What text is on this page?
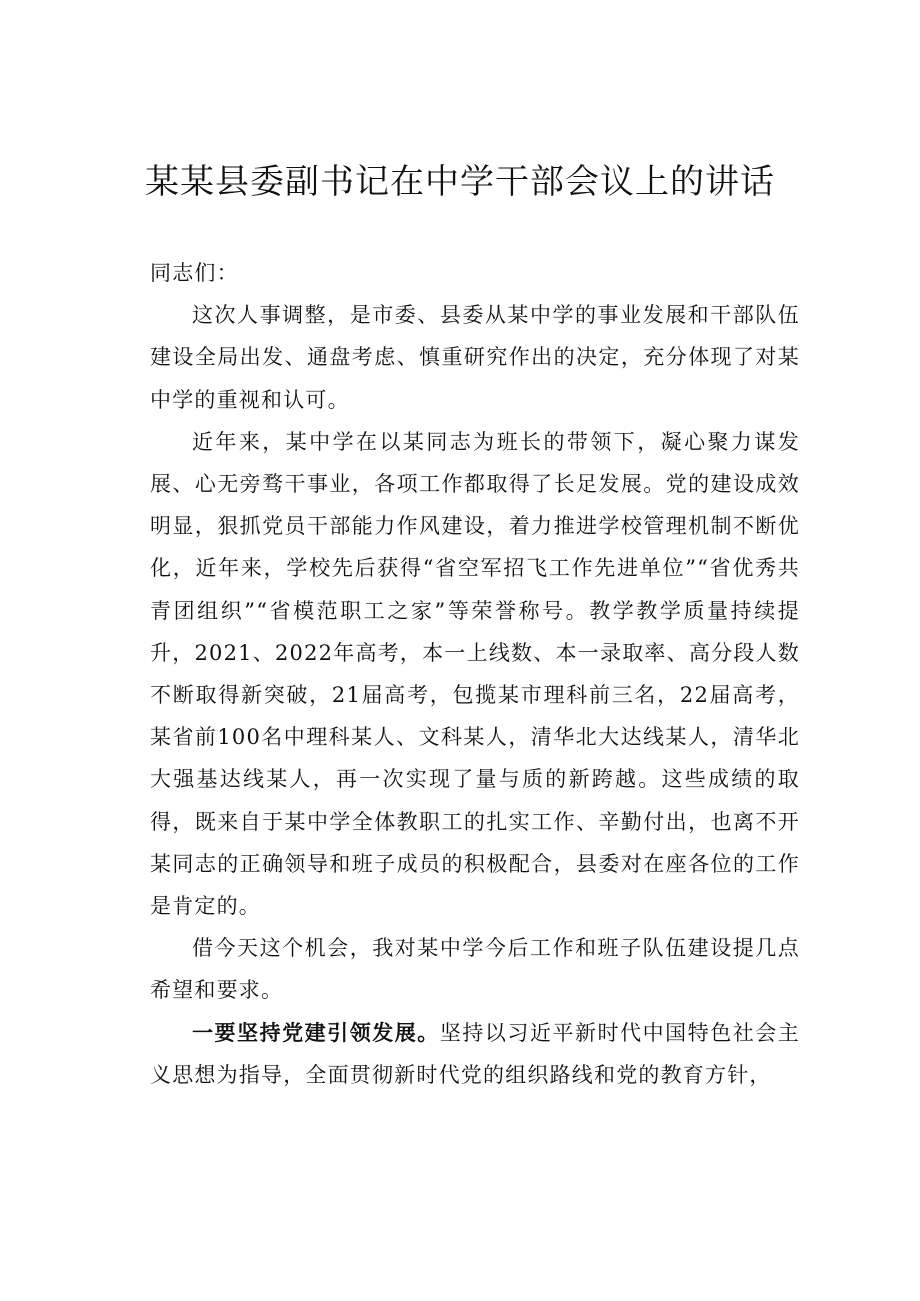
某某县委副书记在中学干部会议上的讲话

同志们：

这次人事调整，是市委、县委从某中学的事业发展和干部队伍建设全局出发、通盘考虑、慎重研究作出的决定，充分体现了对某中学的重视和认可。

近年来，某中学在以某同志为班长的带领下，凝心聚力谋发展、心无旁骛干事业，各项工作都取得了长足发展。党的建设成效明显，狠抓党员干部能力作风建设，着力推进学校管理机制不断优化，近年来，学校先后获得“省空军招飞工作先进单位”“省优秀共青团组织”“省模范职工之家”等荣誉称号。教学教学质量持续提升，2021、2022年高考，本一上线数、本一录取率、高分段人数不断取得新突破，21届高考，包揽某市理科前三名，22届高考，某省前100名中理科某人、文科某人，清华北大达线某人，清华北大强基达线某人，再一次实现了量与质的新跨越。这些成绩的取得，既来自于某中学全体教职工的扎实工作、辛勤付出，也离不开某同志的正确领导和班子成员的积极配合，县委对在座各位的工作是肯定的。

借今天这个机会，我对某中学今后工作和班子队伍建设提几点希望和要求。

一要坚持党建引领发展。坚持以习近平新时代中国特色社会主义思想为指导，全面贯彻新时代党的组织路线和党的教育方针，
